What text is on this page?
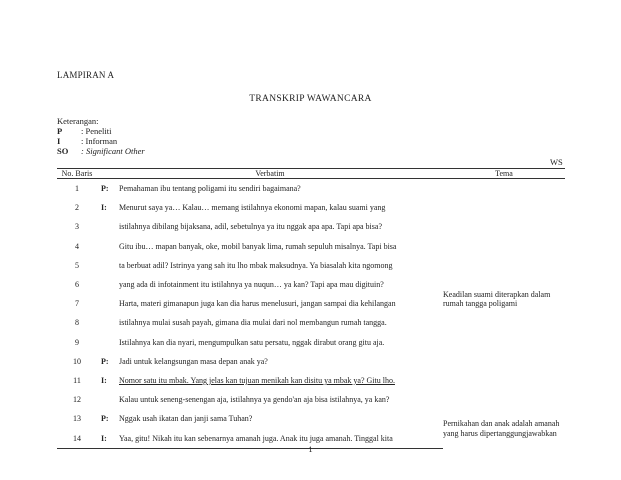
LAMPIRAN A
TRANSKRIP WAWANCARA
Keterangan:
P	: Peneliti
I	: Informan
SO	: Significant Other
WS
No. Baris	Verbatim	Tema
1	P: Pemahaman ibu tentang poligami itu sendiri bagaimana?	Keadilan suami diterapkan dalam rumah tangga poligami

2	I: Menurut saya ya… Kalau… memang istilahnya ekonomi mapan, kalau suami yang	
3	istilahnya dibilang bijaksana, adil, sebetulnya ya itu nggak apa apa. Tapi apa bisa?	
4	Gitu ibu… mapan banyak, oke, mobil banyak lima, rumah sepuluh misalnya. Tapi bisa	
5	ta berbuat adil? Istrinya yang sah itu lho mbak maksudnya. Ya biasalah kita ngomong	
6	yang ada di infotainment itu istilahnya ya nuqun… ya kan? Tapi apa mau digituin?	
7	Harta, materi gimanapun juga kan dia harus menelusuri, jangan sampai dia kehilangan	
8	istilahnya mulai susah payah, gimana dia mulai dari nol membangun rumah tangga.	
9	Istilahnya kan dia nyari, mengumpulkan satu persatu, nggak dirabut orang gitu aja.	
10	P: Jadi untuk kelangsungan masa depan anak ya?	
11	I: Nomor satu itu mbak. Yang jelas kan tujuan menikah kan disitu ya mbak ya? Gitu lho.	
12	Kalau untuk seneng-senengan aja, istilahnya ya gendo'an aja bisa istilahnya, ya kan?	
13	P: Nggak usah ikatan dan janji sama Tuhan?	Pernikahan dan anak adalah amanah yang harus dipertanggungjawabkan

14	I: Yaa, gitu! Nikah itu kan sebenarnya amanah juga. Anak itu juga amanah. Tinggal kita	
1
